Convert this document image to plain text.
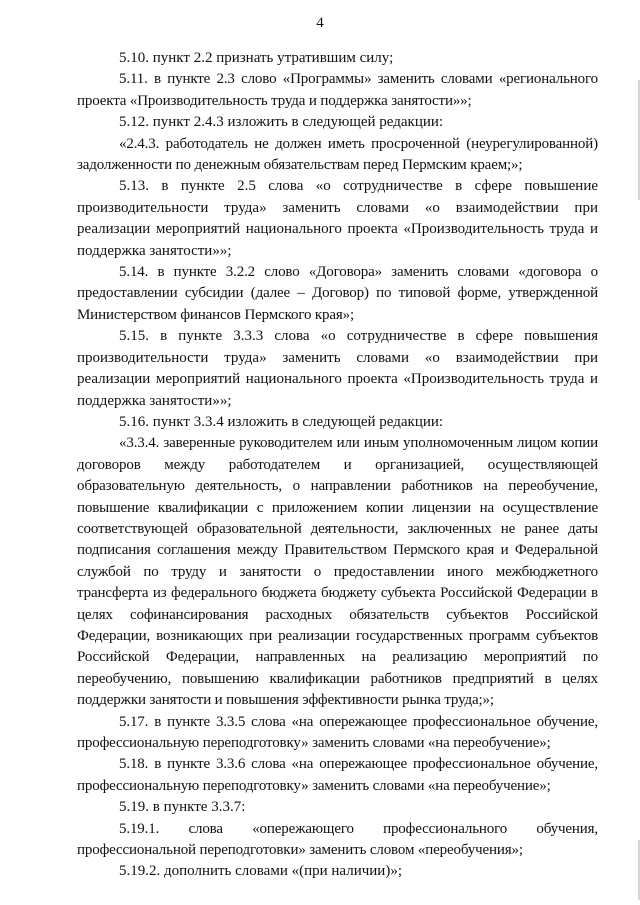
4

5.10. пункт 2.2 признать утратившим силу;

5.11. в пункте 2.3 слово «Программы» заменить словами «регионального проекта «Производительность труда и поддержка занятости»»;

5.12. пункт 2.4.3 изложить в следующей редакции:

«2.4.3. работодатель не должен иметь просроченной (неурегулированной) задолженности по денежным обязательствам перед Пермским краем;»;

5.13. в пункте 2.5 слова «о сотрудничестве в сфере повышение производительности труда» заменить словами «о взаимодействии при реализации мероприятий национального проекта «Производительность труда и поддержка занятости»»;

5.14. в пункте 3.2.2 слово «Договора» заменить словами «договора о предоставлении субсидии (далее – Договор) по типовой форме, утвержденной Министерством финансов Пермского края»;

5.15. в пункте 3.3.3 слова «о сотрудничестве в сфере повышения производительности труда» заменить словами «о взаимодействии при реализации мероприятий национального проекта «Производительность труда и поддержка занятости»»;

5.16. пункт 3.3.4 изложить в следующей редакции:

«3.3.4. заверенные руководителем или иным уполномоченным лицом копии договоров между работодателем и организацией, осуществляющей образовательную деятельность, о направлении работников на переобучение, повышение квалификации с приложением копии лицензии на осуществление соответствующей образовательной деятельности, заключенных не ранее даты подписания соглашения между Правительством Пермского края и Федеральной службой по труду и занятости о предоставлении иного межбюджетного трансферта из федерального бюджета бюджету субъекта Российской Федерации в целях софинансирования расходных обязательств субъектов Российской Федерации, возникающих при реализации государственных программ субъектов Российской Федерации, направленных на реализацию мероприятий по переобучению, повышению квалификации работников предприятий в целях поддержки занятости и повышения эффективности рынка труда;»;

5.17. в пункте 3.3.5 слова «на опережающее профессиональное обучение, профессиональную переподготовку» заменить словами «на переобучение»;

5.18. в пункте 3.3.6 слова «на опережающее профессиональное обучение, профессиональную переподготовку» заменить словами «на переобучение»;

5.19. в пункте 3.3.7:

5.19.1. слова «опережающего профессионального обучения, профессиональной переподготовки» заменить словом «переобучения»;

5.19.2. дополнить словами «(при наличии)»;
